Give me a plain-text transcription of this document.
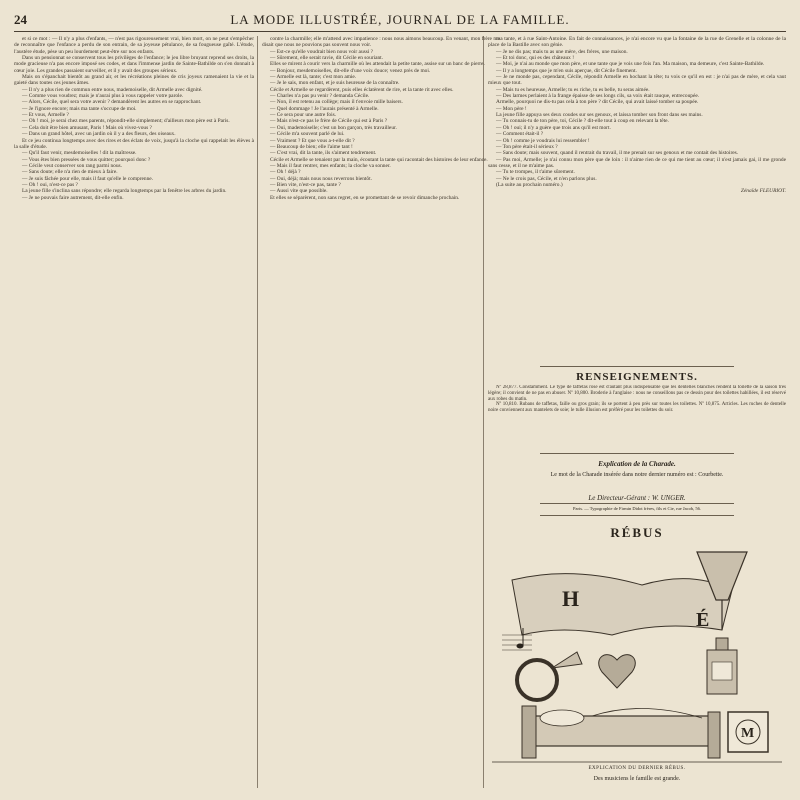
24	LA MODE ILLUSTRÉE, JOURNAL DE LA FAMILLE.

et si ce mot : — Il n'y a plus d'enfants, — n'est pas rigoureusement vrai, bien mort, on ne peut s'empêcher de reconnaître que l'enfance a perdu de son entrain, de sa joyeuse pétulance, de sa fougueuse gaîté. L'étude, l'austère étude, pèse un peu lourdement peut-être sur nos enfants.

Dans un pensionnat se conservent tous les privilèges de l'enfance; le jeu libre bruyant reprend ses droits, la mode gracieuse n'a pas encore imposé ses codes, et dans l'immense jardin de Sainte-Bathilde on s'en donnait à cœur joie. Les grandes passaient surveiller, et il y avait des groupes sérieux.

Mais on s'épanchait bientôt au grand air, et les récréations pleines de cris joyeux ramenaient la vie et la gaieté dans toutes ces jeunes âmes.

— Il n'y a plus rien de commun entre nous, mademoiselle, dit Armelle avec dignité.

— Comme vous voudrez; mais je n'aurai plus à vous rappeler votre parole.

— Alors, Cécile, quel sera votre avenir ? demandèrent les autres en se rapprochant.

— Je l'ignore encore; mais ma tante s'occupe de moi.

— Et vous, Armelle ?

— Oh ! moi, je serai chez mes parents, répondit-elle simplement; d'ailleurs mon père est à Paris.

— Cela doit être bien amusant, Paris ! Mais où vivez-vous ?

— Dans un grand hôtel, avec un jardin où il y a des fleurs, des oiseaux.

Et ce jeu continua longtemps avec des rires et des éclats de voix, jusqu'à la cloche qui rappelait les élèves à la salle d'étude.

— Qu'il faut venir, mesdemoiselles ! dit la maîtresse.

— Vous êtes bien pressées de vous quitter; pourquoi donc ?

— Cécile veut conserver son rang parmi nous.

— Sans doute; elle n'a rien de mieux à faire.

— Je suis fâchée pour elle, mais il faut qu'elle le comprenne.

— Oh ! oui, n'est-ce pas ?

La jeune fille s'inclina sans répondre; elle regarda longtemps par la fenêtre les arbres du jardin.

— Je ne pouvais faire autrement, dit-elle enfin.

contre la charmille; elle m'attend avec impatience : nous nous aimons beaucoup. En venant, mon frère me disait que nous ne pouvions pas souvent nous voir.

— Est-ce qu'elle voudrait bien nous voir aussi ?

— Sûrement, elle serait ravie, dit Cécile en souriant.

Elles se mirent à courir vers la charmille où les attendait la petite tante, assise sur un banc de pierre.

— Bonjour, mesdemoiselles, dit-elle d'une voix douce; venez près de moi.

— Armelle est là, tante; c'est mon amie.

— Je le sais, mon enfant, et je suis heureuse de la connaître.

Cécile et Armelle se regardèrent, puis elles éclatèrent de rire, et la tante rit avec elles.

— Charles n'a pas pu venir ? demanda Cécile.

— Non, il est retenu au collège; mais il t'envoie mille baisers.

— Quel dommage ! Je l'aurais présenté à Armelle.

— Ce sera pour une autre fois.

— Mais n'est-ce pas le frère de Cécile qui est à Paris ?

— Oui, mademoiselle; c'est un bon garçon, très travailleur.

— Cécile m'a souvent parlé de lui.

— Vraiment ? Et que vous a-t-elle dit ?

— Beaucoup de bien; elle l'aime tant !

— C'est vrai, dit la tante, ils s'aiment tendrement.

Cécile et Armelle se tenaient par la main, écoutant la tante qui racontait des histoires de leur enfance.

— Mais il faut rentrer, mes enfants; la cloche va sonner.

— Oh ! déjà ?

— Oui, déjà; mais nous nous reverrons bientôt.

— Bien vite, n'est-ce pas, tante ?

— Aussi vite que possible.

Et elles se séparèrent, non sans regret, en se promettant de se revoir dimanche prochain.

ma tante, et à rue Saint-Antoine. En fait de connaissances, je n'ai encore vu que la fontaine de la rue de Grenelle et la colonne de la place de la Bastille avec son génie.

— Je ne dis pas; mais tu as une mère, des frères, une maison.

— Et toi donc, qui es des châteaux !

— Moi, je n'ai au monde que mon père, et une tante que je vois une fois l'an. Ma maison, ma demeure, c'est Sainte-Bathilde.

— Il y a longtemps que je m'en suis aperçue, dit Cécile finement.

— Je ne monde pas, cependant, Cécile, répondit Armelle en hochant la tête; tu vois ce qu'il en est : je n'ai pas de mère, et cela vaut mieux que tout.

— Mais tu es heureuse, Armelle; tu es riche, tu es belle, tu seras aimée.

— Des larmes perlaient à la frange épaisse de ses longs cils, sa voix était rauque, entrecoupée.

Armelle, pourquoi ne dis-tu pas cela à ton père ? dit Cécile, qui avait laissé tomber sa poupée.

— Mon père !

La jeune fille appuya ses deux coudes sur ses genoux, et laissa tomber son front dans ses mains.

— Tu connais-tu de ton père, toi, Cécile ? dit-elle tout à coup en relevant la tête.

— Oh ! oui; il n'y a guère que trois ans qu'il est mort.

— Comment était-il ?

— Oh ! comme je voudrais lui ressembler !

— Ton père était-il sérieux ?

— Sans doute; mais souvent, quand il rentrait du travail, il me prenait sur ses genoux et me contait des histoires.

— Pas moi, Armelle; je n'ai connu mon père que de loin : il n'aime rien de ce qui me tient au cœur; il n'est jamais gai, il me gronde sans cesse, et il ne m'aime pas.

— Tu te trompes, il t'aime sûrement.

— Ne le crois pas, Cécile, et n'en parlons plus.

(La suite au prochain numéro.)

Zénaïde FLEURIOT.

RENSEIGNEMENTS.

Nº 28,877. Constamment. Le type de taffetas rose est d'autant plus indispensable que les dentelles blanches rendent la toilette de la saison très légère; il convient de ne pas en abuser. Nº 10,800. Broderie à l'anglaise : nous ne conseillons pas ce dessin pour des toilettes habillées, il est réservé aux robes du matin.

Nº 10,810. Rubans de taffetas, faille ou gros grain; ils se portent à peu près sur toutes les toilettes. Nº 10,875. Articles. Les ruches de dentelle noire conviennent aux mantelets de soie; le tulle illusion est préféré pour les toilettes du soir.

Explication de la Charade.
Le mot de la Charade insérée dans notre dernier numéro est : Courbette.
Le Directeur-Gérant : W. UNGER.
Paris. — Typographie de Firmin Didot frères, fils et Cie, rue Jacob, 56.
RÉBUS
H
É
M
EXPLICATION DU DERNIER RÉBUS.
Des musiciens le famille est grande.
